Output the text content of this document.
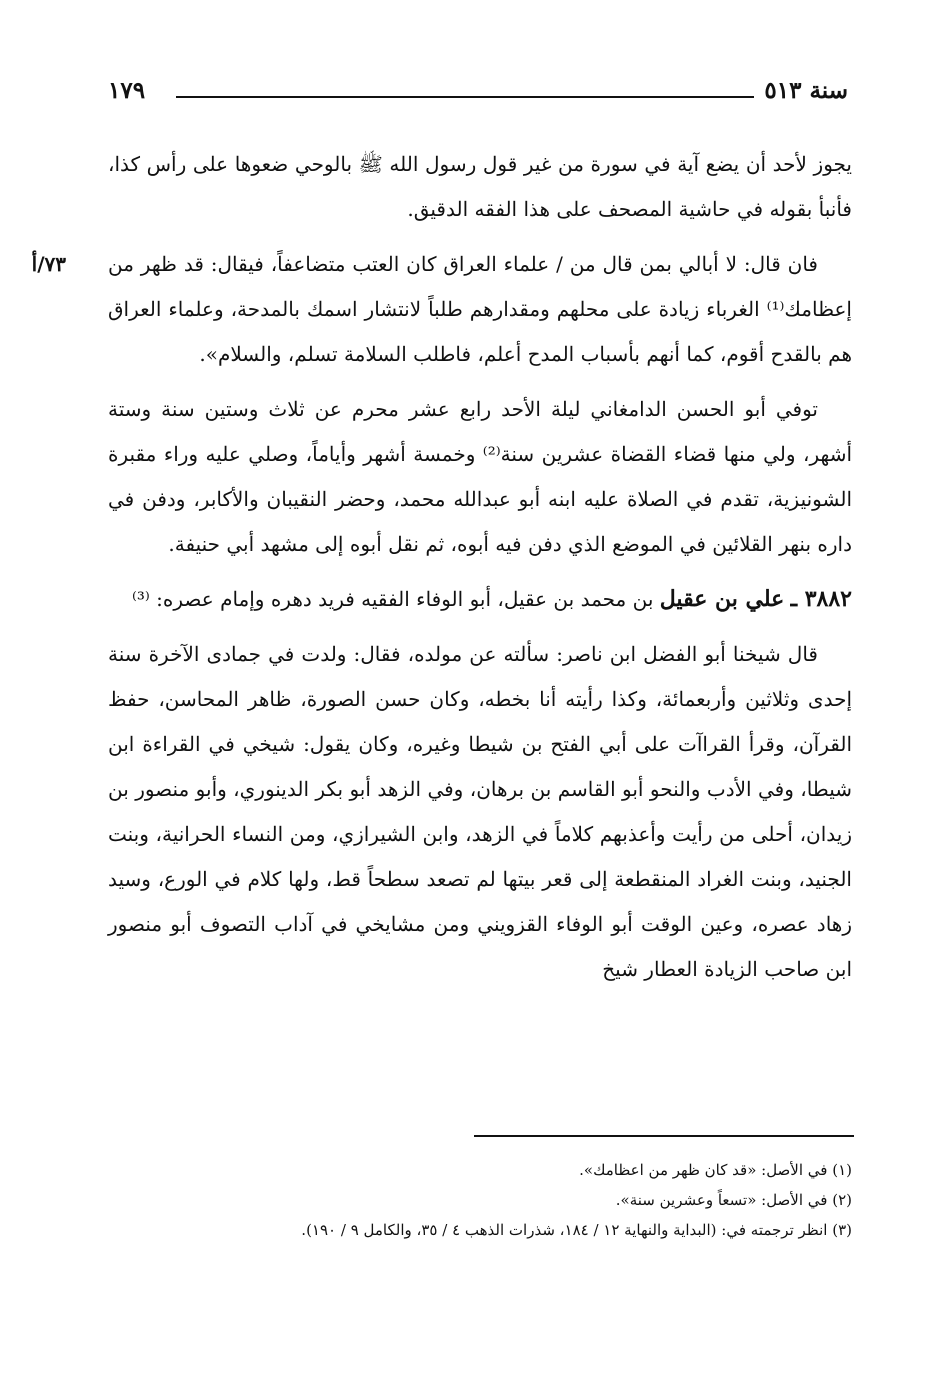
سنة ٥١٣
١٧٩

يجوز لأحد أن يضع آية في سورة من غير قول رسول الله ﷺ بالوحي ضعوها على رأس كذا، فأنبأ بقوله في حاشية المصحف على هذا الفقه الدقيق.

٧٣/أ	فان قال: لا أبالي بمن قال من / علماء العراق كان العتب متضاعفاً، فيقال: قد ظهر من إعظامك⁽¹⁾ الغرباء زيادة على محلهم ومقدارهم طلباً لانتشار اسمك بالمدحة، وعلماء العراق هم بالقدح أقوم، كما أنهم بأسباب المدح أعلم، فاطلب السلامة تسلم، والسلام».

توفي أبو الحسن الدامغاني ليلة الأحد رابع عشر محرم عن ثلاث وستين سنة وستة أشهر، ولي منها قضاء القضاة عشرين سنة⁽²⁾ وخمسة أشهر وأياماً، وصلي عليه وراء مقبرة الشونيزية، تقدم في الصلاة عليه ابنه أبو عبدالله محمد، وحضر النقيبان والأكابر، ودفن في داره بنهر القلائين في الموضع الذي دفن فيه أبوه، ثم نقل أبوه إلى مشهد أبي حنيفة.

٣٨٨٢ ـ علي بن عقيل بن محمد بن عقيل، أبو الوفاء الفقيه فريد دهره وإمام عصره: ⁽³⁾

قال شيخنا أبو الفضل ابن ناصر: سألته عن مولده، فقال: ولدت في جمادى الآخرة سنة إحدى وثلاثين وأربعمائة، وكذا رأيته أنا بخطه، وكان حسن الصورة، ظاهر المحاسن، حفظ القرآن، وقرأ القراآت على أبي الفتح بن شيطا وغيره، وكان يقول: شيخي في القراءة ابن شيطا، وفي الأدب والنحو أبو القاسم بن برهان، وفي الزهد أبو بكر الدينوري، وأبو منصور بن زيدان، أحلى من رأيت وأعذبهم كلاماً في الزهد، وابن الشيرازي، ومن النساء الحرانية، وبنت الجنيد، وبنت الغراد المنقطعة إلى قعر بيتها لم تصعد سطحاً قط، ولها كلام في الورع، وسيد زهاد عصره، وعين الوقت أبو الوفاء القزويني ومن مشايخي في آداب التصوف أبو منصور ابن صاحب الزيادة العطار شيخ

(١) في الأصل: «قد كان ظهر من اعظامك».
(٢) في الأصل: «تسعاً وعشرين سنة».
(٣) انظر ترجمته في: (البداية والنهاية ١٢ / ١٨٤، شذرات الذهب ٤ / ٣٥، والكامل ٩ / ١٩٠).
